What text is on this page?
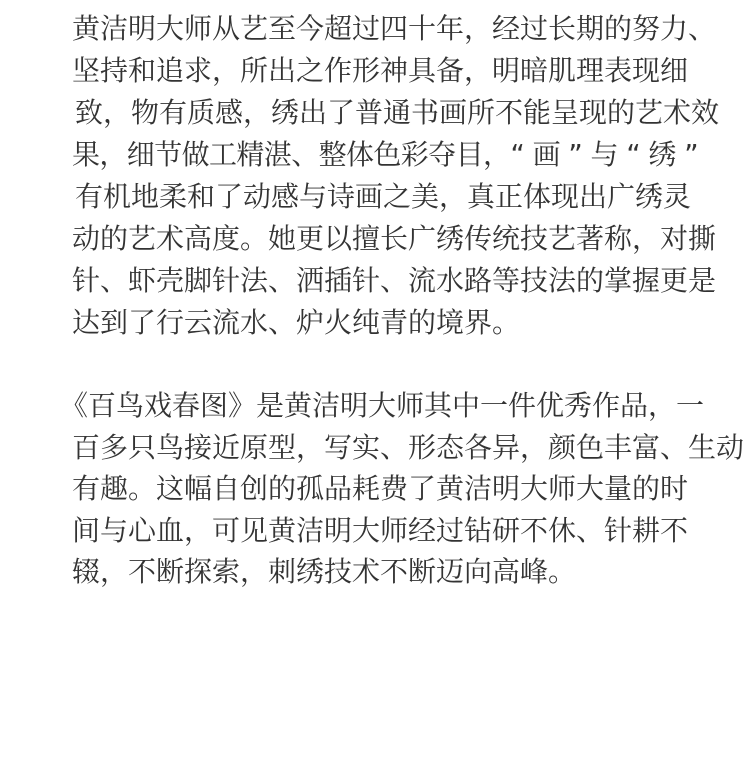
黄洁明大师从艺至今超过四十年，经过长期的努力、
坚持和追求，所出之作形神具备，明暗肌理表现细
致，物有质感，绣出了普通书画所不能呈现的艺术效
果，细节做工精湛、整体色彩夺目，“ 画 ” 与 “ 绣 ”
有机地柔和了动感与诗画之美，真正体现出广绣灵
动的艺术高度。她更以擅长广绣传统技艺著称，对撕
针、虾壳脚针法、洒插针、流水路等技法的掌握更是
达到了行云流水、炉火纯青的境界。
《百鸟戏春图》是黄洁明大师其中一件优秀作品，一
百多只鸟接近原型，写实、形态各异，颜色丰富、生动
有趣。这幅自创的孤品耗费了黄洁明大师大量的时
间与心血，可见黄洁明大师经过钻研不休、针耕不
辍，不断探索，刺绣技术不断迈向高峰。
